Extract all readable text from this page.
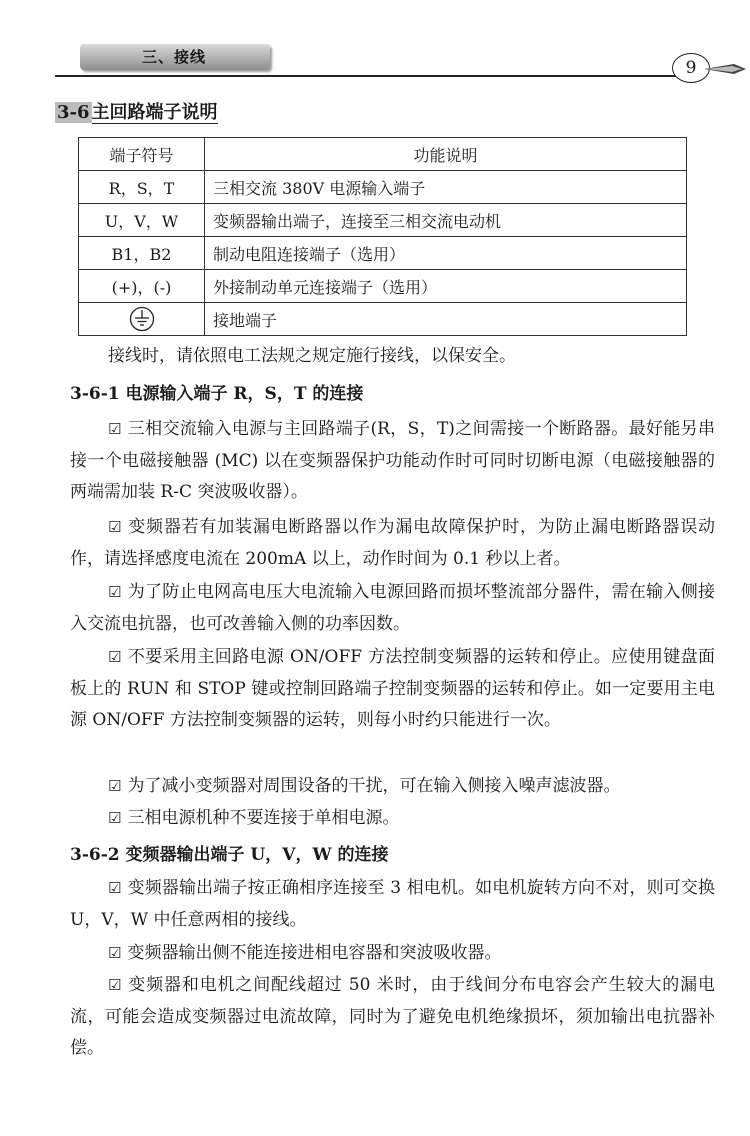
三、接线
9
3-6 主回路端子说明
端子符号	功能说明
R，S，T	三相交流 380V 电源输入端子
U，V，W	变频器输出端子，连接至三相交流电动机
B1，B2	制动电阻连接端子（选用）
(+)，(-)	外接制动单元连接端子（选用）

	接地端子
接线时，请依照电工法规之规定施行接线，以保安全。
3-6-1 电源输入端子 R，S，T 的连接
☑ 三相交流输入电源与主回路端子(R，S，T)之间需接一个断路器。最好能另串接一个电磁接触器 (MC) 以在变频器保护功能动作时可同时切断电源（电磁接触器的两端需加装 R-C 突波吸收器）。
☑ 变频器若有加装漏电断路器以作为漏电故障保护时，为防止漏电断路器误动作，请选择感度电流在 200mA 以上，动作时间为 0.1 秒以上者。
☑ 为了防止电网高电压大电流输入电源回路而损坏整流部分器件，需在输入侧接入交流电抗器，也可改善输入侧的功率因数。
☑ 不要采用主回路电源 ON/OFF 方法控制变频器的运转和停止。应使用键盘面板上的 RUN 和 STOP 键或控制回路端子控制变频器的运转和停止。如一定要用主电源 ON/OFF 方法控制变频器的运转，则每小时约只能进行一次。
☑ 为了减小变频器对周围设备的干扰，可在输入侧接入噪声滤波器。
☑ 三相电源机种不要连接于单相电源。
3-6-2 变频器输出端子 U，V，W 的连接
☑ 变频器输出端子按正确相序连接至 3 相电机。如电机旋转方向不对，则可交换 U，V，W 中任意两相的接线。
☑ 变频器输出侧不能连接进相电容器和突波吸收器。
☑ 变频器和电机之间配线超过 50 米时，由于线间分布电容会产生较大的漏电流，可能会造成变频器过电流故障，同时为了避免电机绝缘损坏，须加输出电抗器补偿。
